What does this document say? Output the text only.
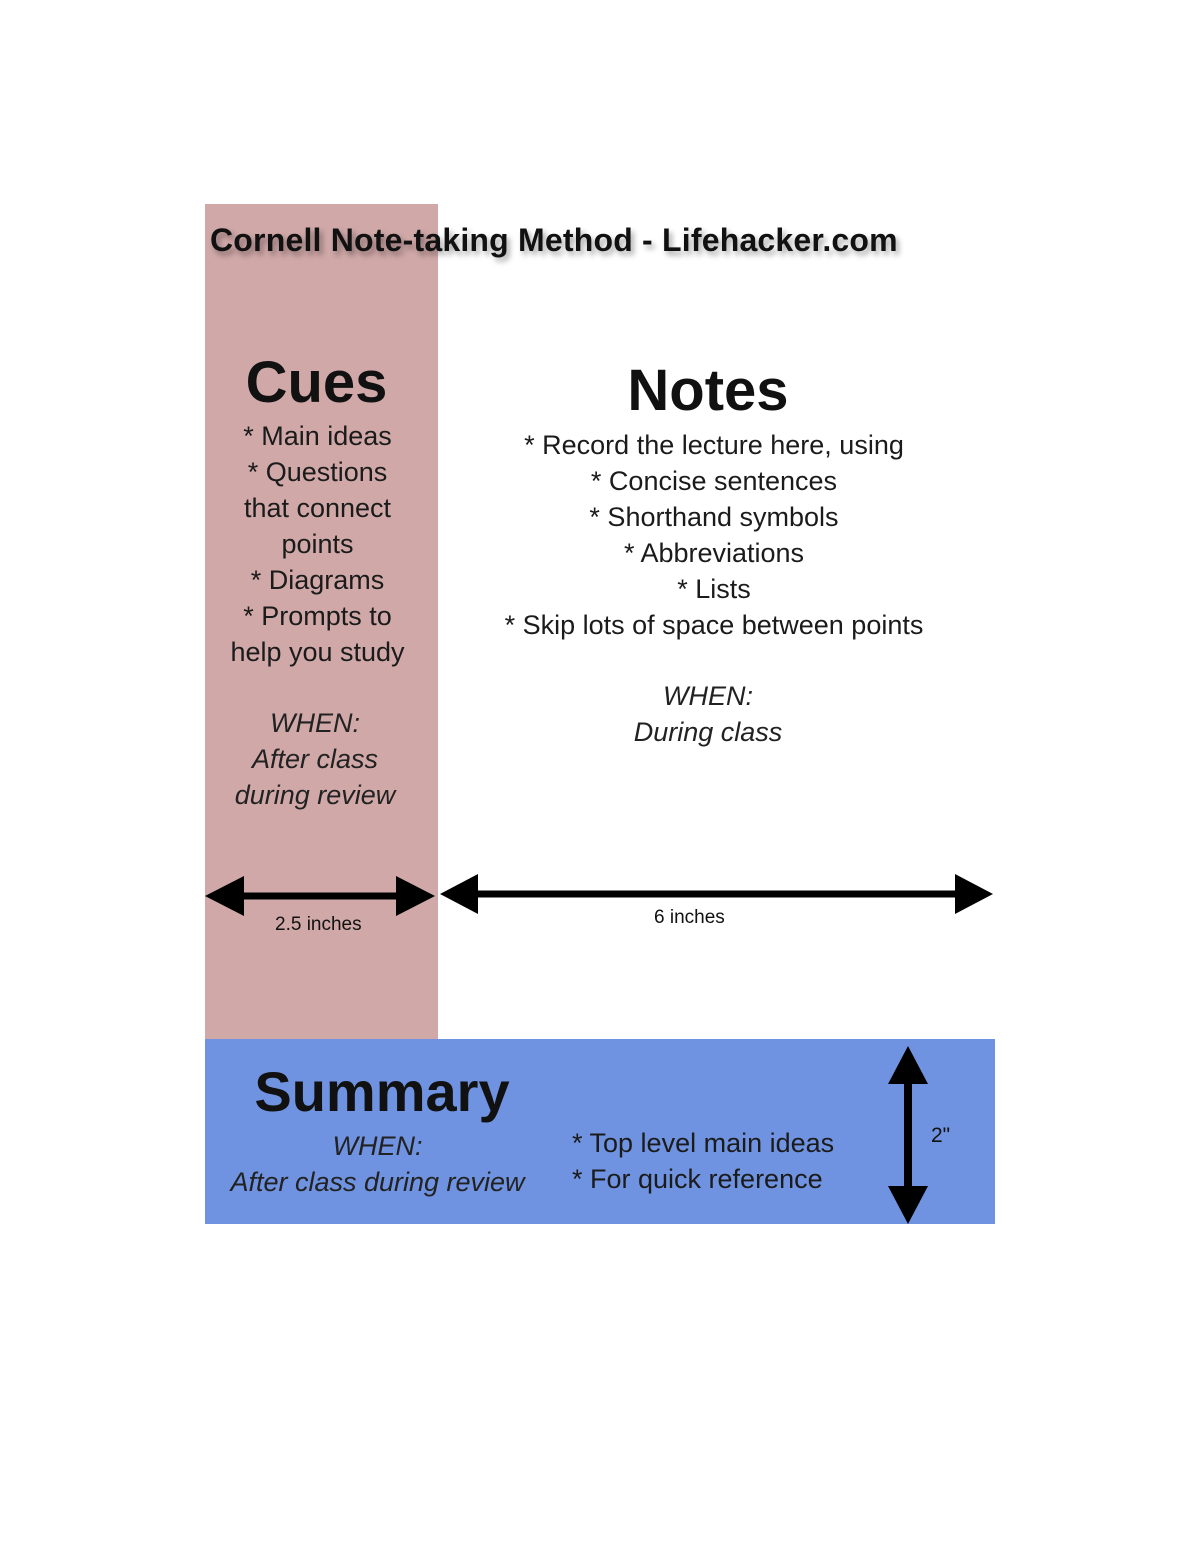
Cornell Note-taking Method - Lifehacker.com
Cues
* Main ideas
* Questions
that connect
points
* Diagrams
* Prompts to
help you study
WHEN:
After class
during review
Notes
* Record the lecture here, using
* Concise sentences
* Shorthand symbols
* Abbreviations
* Lists
* Skip lots of space between points
WHEN:
During class
2.5 inches	6 inches
Summary
WHEN:
After class during review
* Top level main ideas
* For quick reference
2"
